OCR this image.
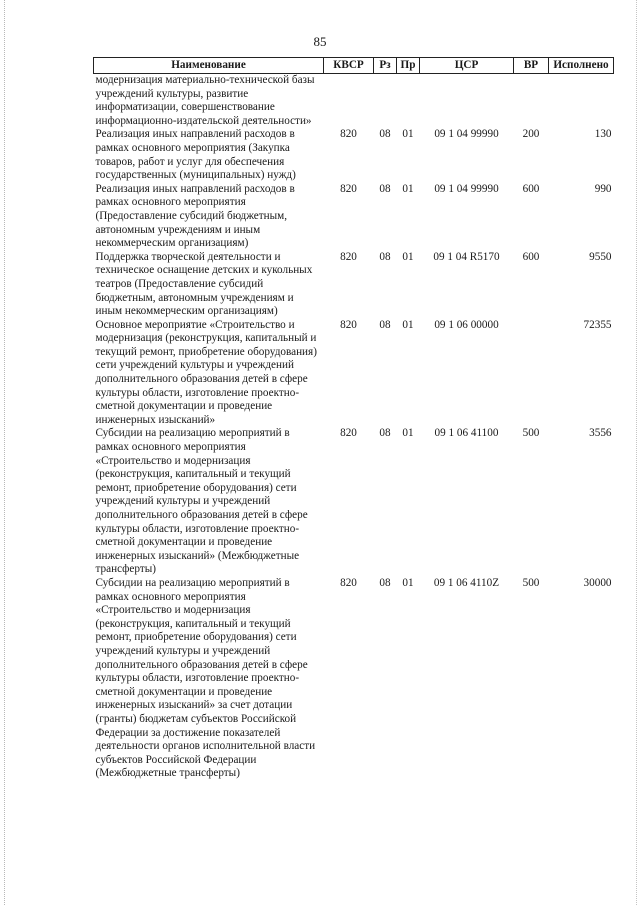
85
Наименование	КВСР	Рз	Пр	ЦСР	ВР	Исполнено
модернизация материально-технической базы учреждений культуры, развитие информатизации, совершенствование информационно-издательской деятельности»						
Реализация иных направлений расходов в рамках основного мероприятия (Закупка товаров, работ и услуг для обеспечения государственных (муниципальных) нужд)	820	08	01	09 1 04 99990	200	130
Реализация иных направлений расходов в рамках основного мероприятия (Предоставление субсидий бюджетным, автономным учреждениям и иным некоммерческим организациям)	820	08	01	09 1 04 99990	600	990
Поддержка творческой деятельности и техническое оснащение детских и кукольных театров (Предоставление субсидий бюджетным, автономным учреждениям и иным некоммерческим организациям)	820	08	01	09 1 04 R5170	600	9550
Основное мероприятие «Строительство и модернизация (реконструкция, капитальный и текущий ремонт, приобретение оборудования) сети учреждений культуры и учреждений дополнительного образования детей в сфере культуры области, изготовление проектно-сметной документации и проведение инженерных изысканий»	820	08	01	09 1 06 00000		72355
Субсидии на реализацию мероприятий в рамках основного мероприятия «Строительство и модернизация (реконструкция, капитальный и текущий ремонт, приобретение оборудования) сети учреждений культуры и учреждений дополнительного образования детей в сфере культуры области, изготовление проектно-сметной документации и проведение инженерных изысканий» (Межбюджетные трансферты)	820	08	01	09 1 06 41100	500	3556
Субсидии на реализацию мероприятий в рамках основного мероприятия «Строительство и модернизация (реконструкция, капитальный и текущий ремонт, приобретение оборудования) сети учреждений культуры и учреждений дополнительного образования детей в сфере культуры области, изготовление проектно-сметной документации и проведение инженерных изысканий» за счет дотации (гранты) бюджетам субъектов Российской Федерации за достижение показателей деятельности органов исполнительной власти субъектов Российской Федерации (Межбюджетные трансферты)	820	08	01	09 1 06 4110Z	500	30000
